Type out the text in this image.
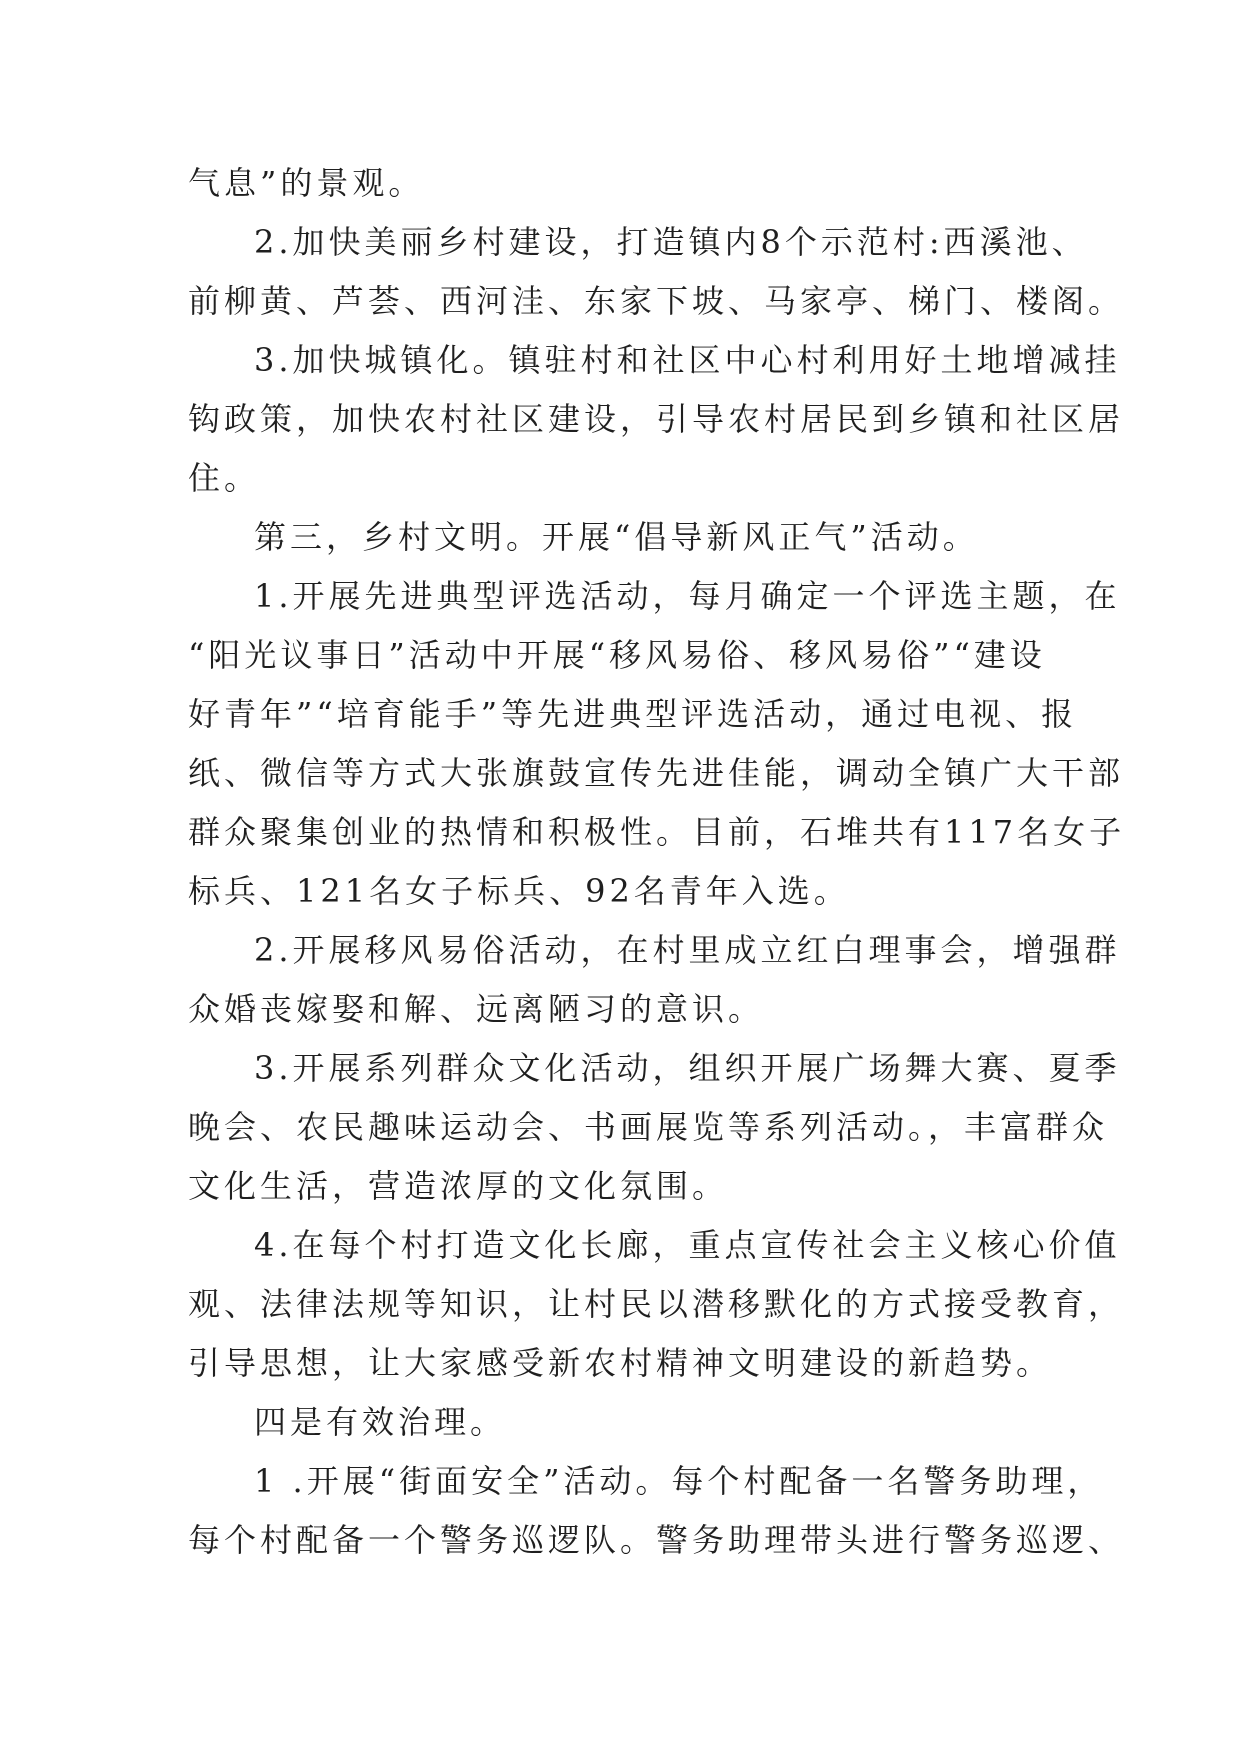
气息”的景观。
2.加快美丽乡村建设，打造镇内8个示范村:西溪池、
前柳黄、芦荟、西河洼、东家下坡、马家亭、梯门、楼阁。
3.加快城镇化。镇驻村和社区中心村利用好土地增减挂
钩政策，加快农村社区建设，引导农村居民到乡镇和社区居
住。
第三，乡村文明。开展“倡导新风正气”活动。
1.开展先进典型评选活动，每月确定一个评选主题，在
“阳光议事日”活动中开展“移风易俗、移风易俗”“建设
好青年”“培育能手”等先进典型评选活动，通过电视、报
纸、微信等方式大张旗鼓宣传先进佳能，调动全镇广大干部
群众聚集创业的热情和积极性。目前，石堆共有117名女子
标兵、121名女子标兵、92名青年入选。
2.开展移风易俗活动，在村里成立红白理事会，增强群
众婚丧嫁娶和解、远离陋习的意识。
3.开展系列群众文化活动，组织开展广场舞大赛、夏季
晚会、农民趣味运动会、书画展览等系列活动。，丰富群众
文化生活，营造浓厚的文化氛围。
4.在每个村打造文化长廊，重点宣传社会主义核心价值
观、法律法规等知识，让村民以潜移默化的方式接受教育，
引导思想，让大家感受新农村精神文明建设的新趋势。
四是有效治理。
1 .开展“街面安全”活动。每个村配备一名警务助理，
每个村配备一个警务巡逻队。警务助理带头进行警务巡逻、
